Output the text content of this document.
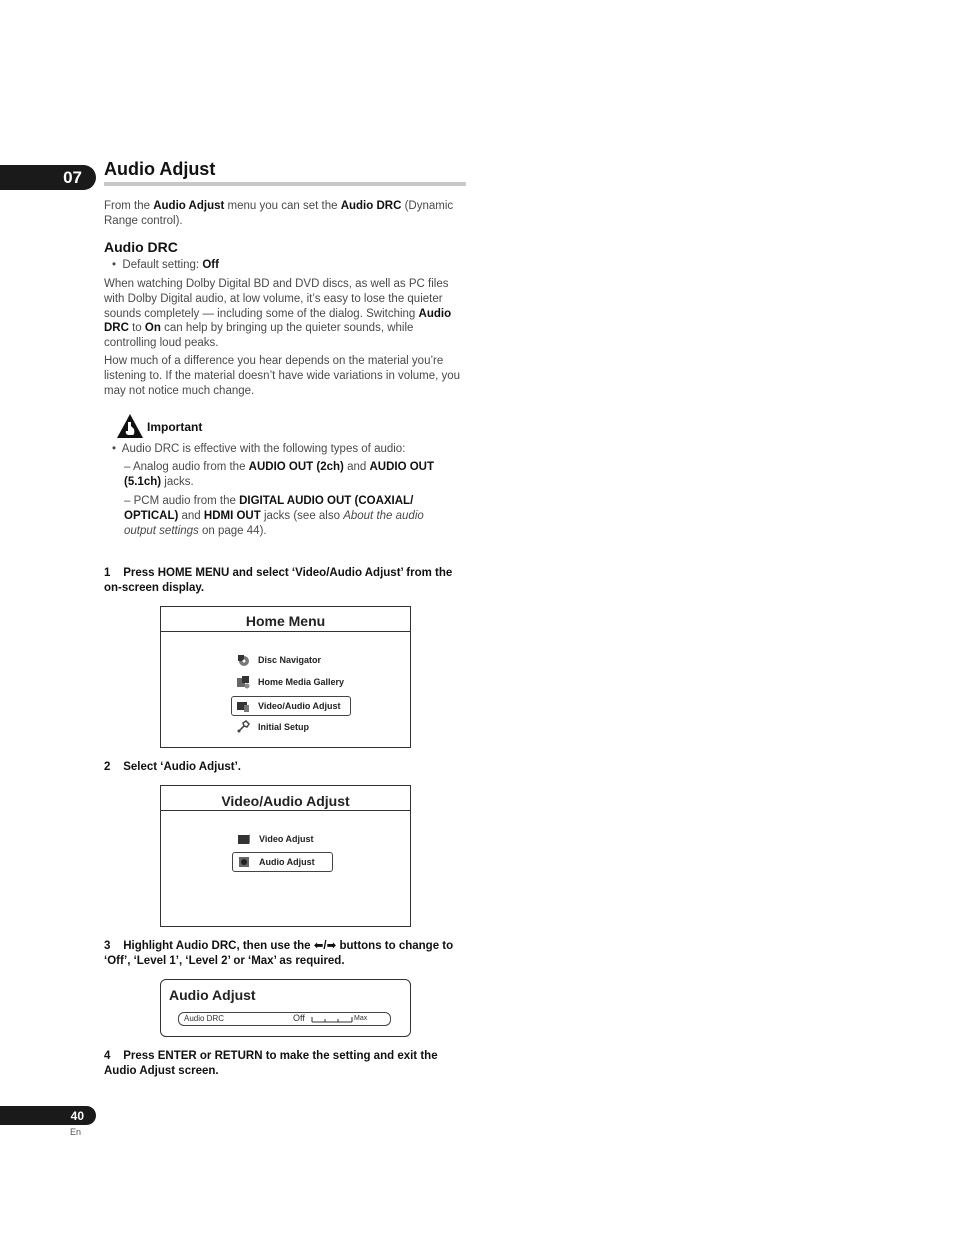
07 Audio Adjust
From the Audio Adjust menu you can set the Audio DRC (Dynamic Range control).
Audio DRC
• Default setting: Off
When watching Dolby Digital BD and DVD discs, as well as PC files with Dolby Digital audio, at low volume, it’s easy to lose the quieter sounds completely — including some of the dialog. Switching Audio DRC to On can help by bringing up the quieter sounds, while controlling loud peaks.
How much of a difference you hear depends on the material you’re listening to. If the material doesn’t have wide variations in volume, you may not notice much change.
Important
• Audio DRC is effective with the following types of audio:
– Analog audio from the AUDIO OUT (2ch) and AUDIO OUT (5.1ch) jacks.
– PCM audio from the DIGITAL AUDIO OUT (COAXIAL/ OPTICAL) and HDMI OUT jacks (see also About the audio output settings on page 44).
1 Press HOME MENU and select ‘Video/Audio Adjust’ from the on-screen display.
Home Menu
Disc Navigator
Home Media Gallery
Video/Audio Adjust
Initial Setup
2 Select ‘Audio Adjust’.
Video/Audio Adjust
Video Adjust
Audio Adjust
3 Highlight Audio DRC, then use the ⬅/➡ buttons to change to ‘Off’, ‘Level 1’, ‘Level 2’ or ‘Max’ as required.
Audio Adjust
Audio DRC	Off	Max
4 Press ENTER or RETURN to make the setting and exit the Audio Adjust screen.
40
En
